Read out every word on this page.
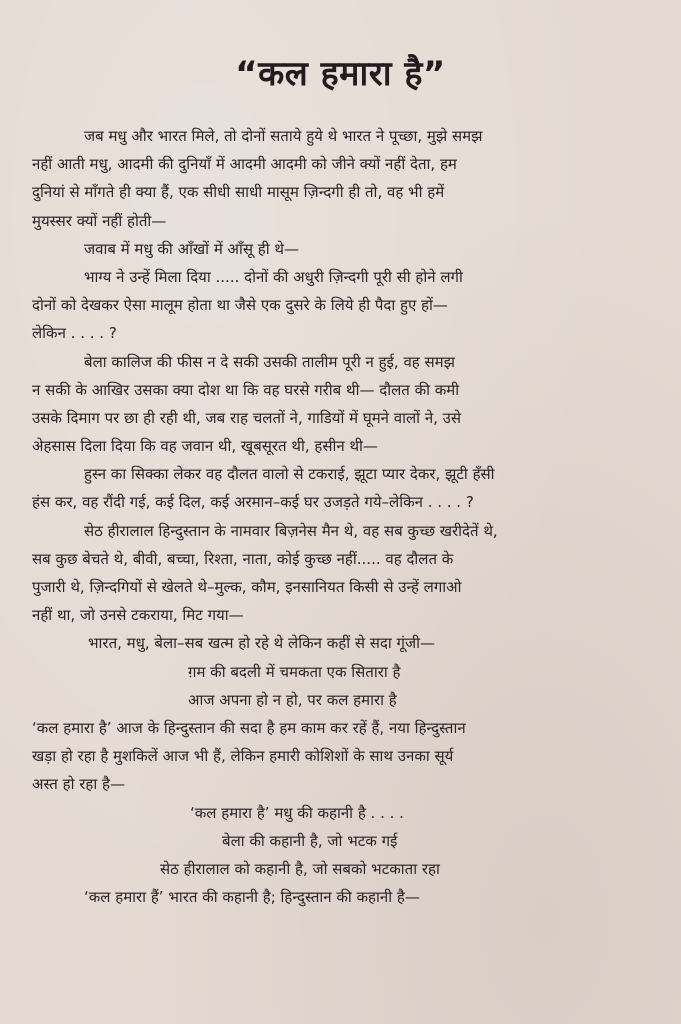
“कल हमारा है”
जब मधु और भारत मिले, तो दोनों सताये हुये थे भारत ने पूच्छा, मुझे समझ
नहीं आती मधु, आदमी की दुनियाँ में आदमी आदमी को जीने क्यों नहीं देता, हम
दुनियां से माँगते ही क्या हैं, एक सीधी साधी मासूम ज़िन्दगी ही तो, वह भी हमें
मुयस्सर क्यों नहीं होती—
जवाब में मधु की आँखों में आँसू ही थे—
भाग्य ने उन्हें मिला दिया ..... दोनों की अधुरी ज़िन्दगी पूरी सी होने लगी
दोनों को देखकर ऐसा मालूम होता था जैसे एक दुसरे के लिये ही पैदा हुए हों—
लेकिन . . . . ?
बेला कालिज की फीस न दे सकी उसकी तालीम पूरी न हुई, वह समझ
न सकी के आखिर उसका क्या दोश था कि वह घरसे गरीब थी— दौलत की कमी
उसके दिमाग पर छा ही रही थी, जब राह चलतों ने, गाडियों में घूमने वालों ने, उसे
अेहसास दिला दिया कि वह जवान थी, खूबसूरत थी, हसीन थी—
हुस्न का सिक्का लेकर वह दौलत वालो से टकराई, झूटा प्यार देकर, झूटी हँसी
हंस कर, वह रौंदी गई, कई दिल, कई अरमान–कई घर उजड़ते गये–लेकिन . . . . ?
सेठ हीरालाल हिन्दुस्तान के नामवार बिज़नेस मैन थे, वह सब कुच्छ खरीदेतें थे,
सब कुछ बेचते थे, बीवी, बच्चा, रिश्ता, नाता, कोई कुच्छ नहीं..... वह दौलत के
पुजारी थे, ज़िन्दगियों से खेलते थे–मुल्क, कौम, इनसानियत किसी से उन्हें लगाओ
नहीं था, जो उनसे टकराया, मिट गया—
भारत, मधु, बेला–सब खत्म हो रहे थे लेकिन कहीं से सदा गूंजी—
ग़म की बदली में चमकता एक सितारा है
आज अपना हो न हो, पर कल हमारा है
‘कल हमारा है’ आज के हिन्दुस्तान की सदा है हम काम कर रहें हैं, नया हिन्दुस्तान
खड़ा हो रहा है मुशकिलें आज भी हैं, लेकिन हमारी कोशिशों के साथ उनका सूर्य
अस्त हो रहा है—
‘कल हमारा है’ मधु की कहानी है . . . .
बेला की कहानी है, जो भटक गई
सेठ हीरालाल को कहानी है, जो सबको भटकाता रहा
‘कल हमारा हैं’ भारत की कहानी है; हिन्दुस्तान की कहानी है—
